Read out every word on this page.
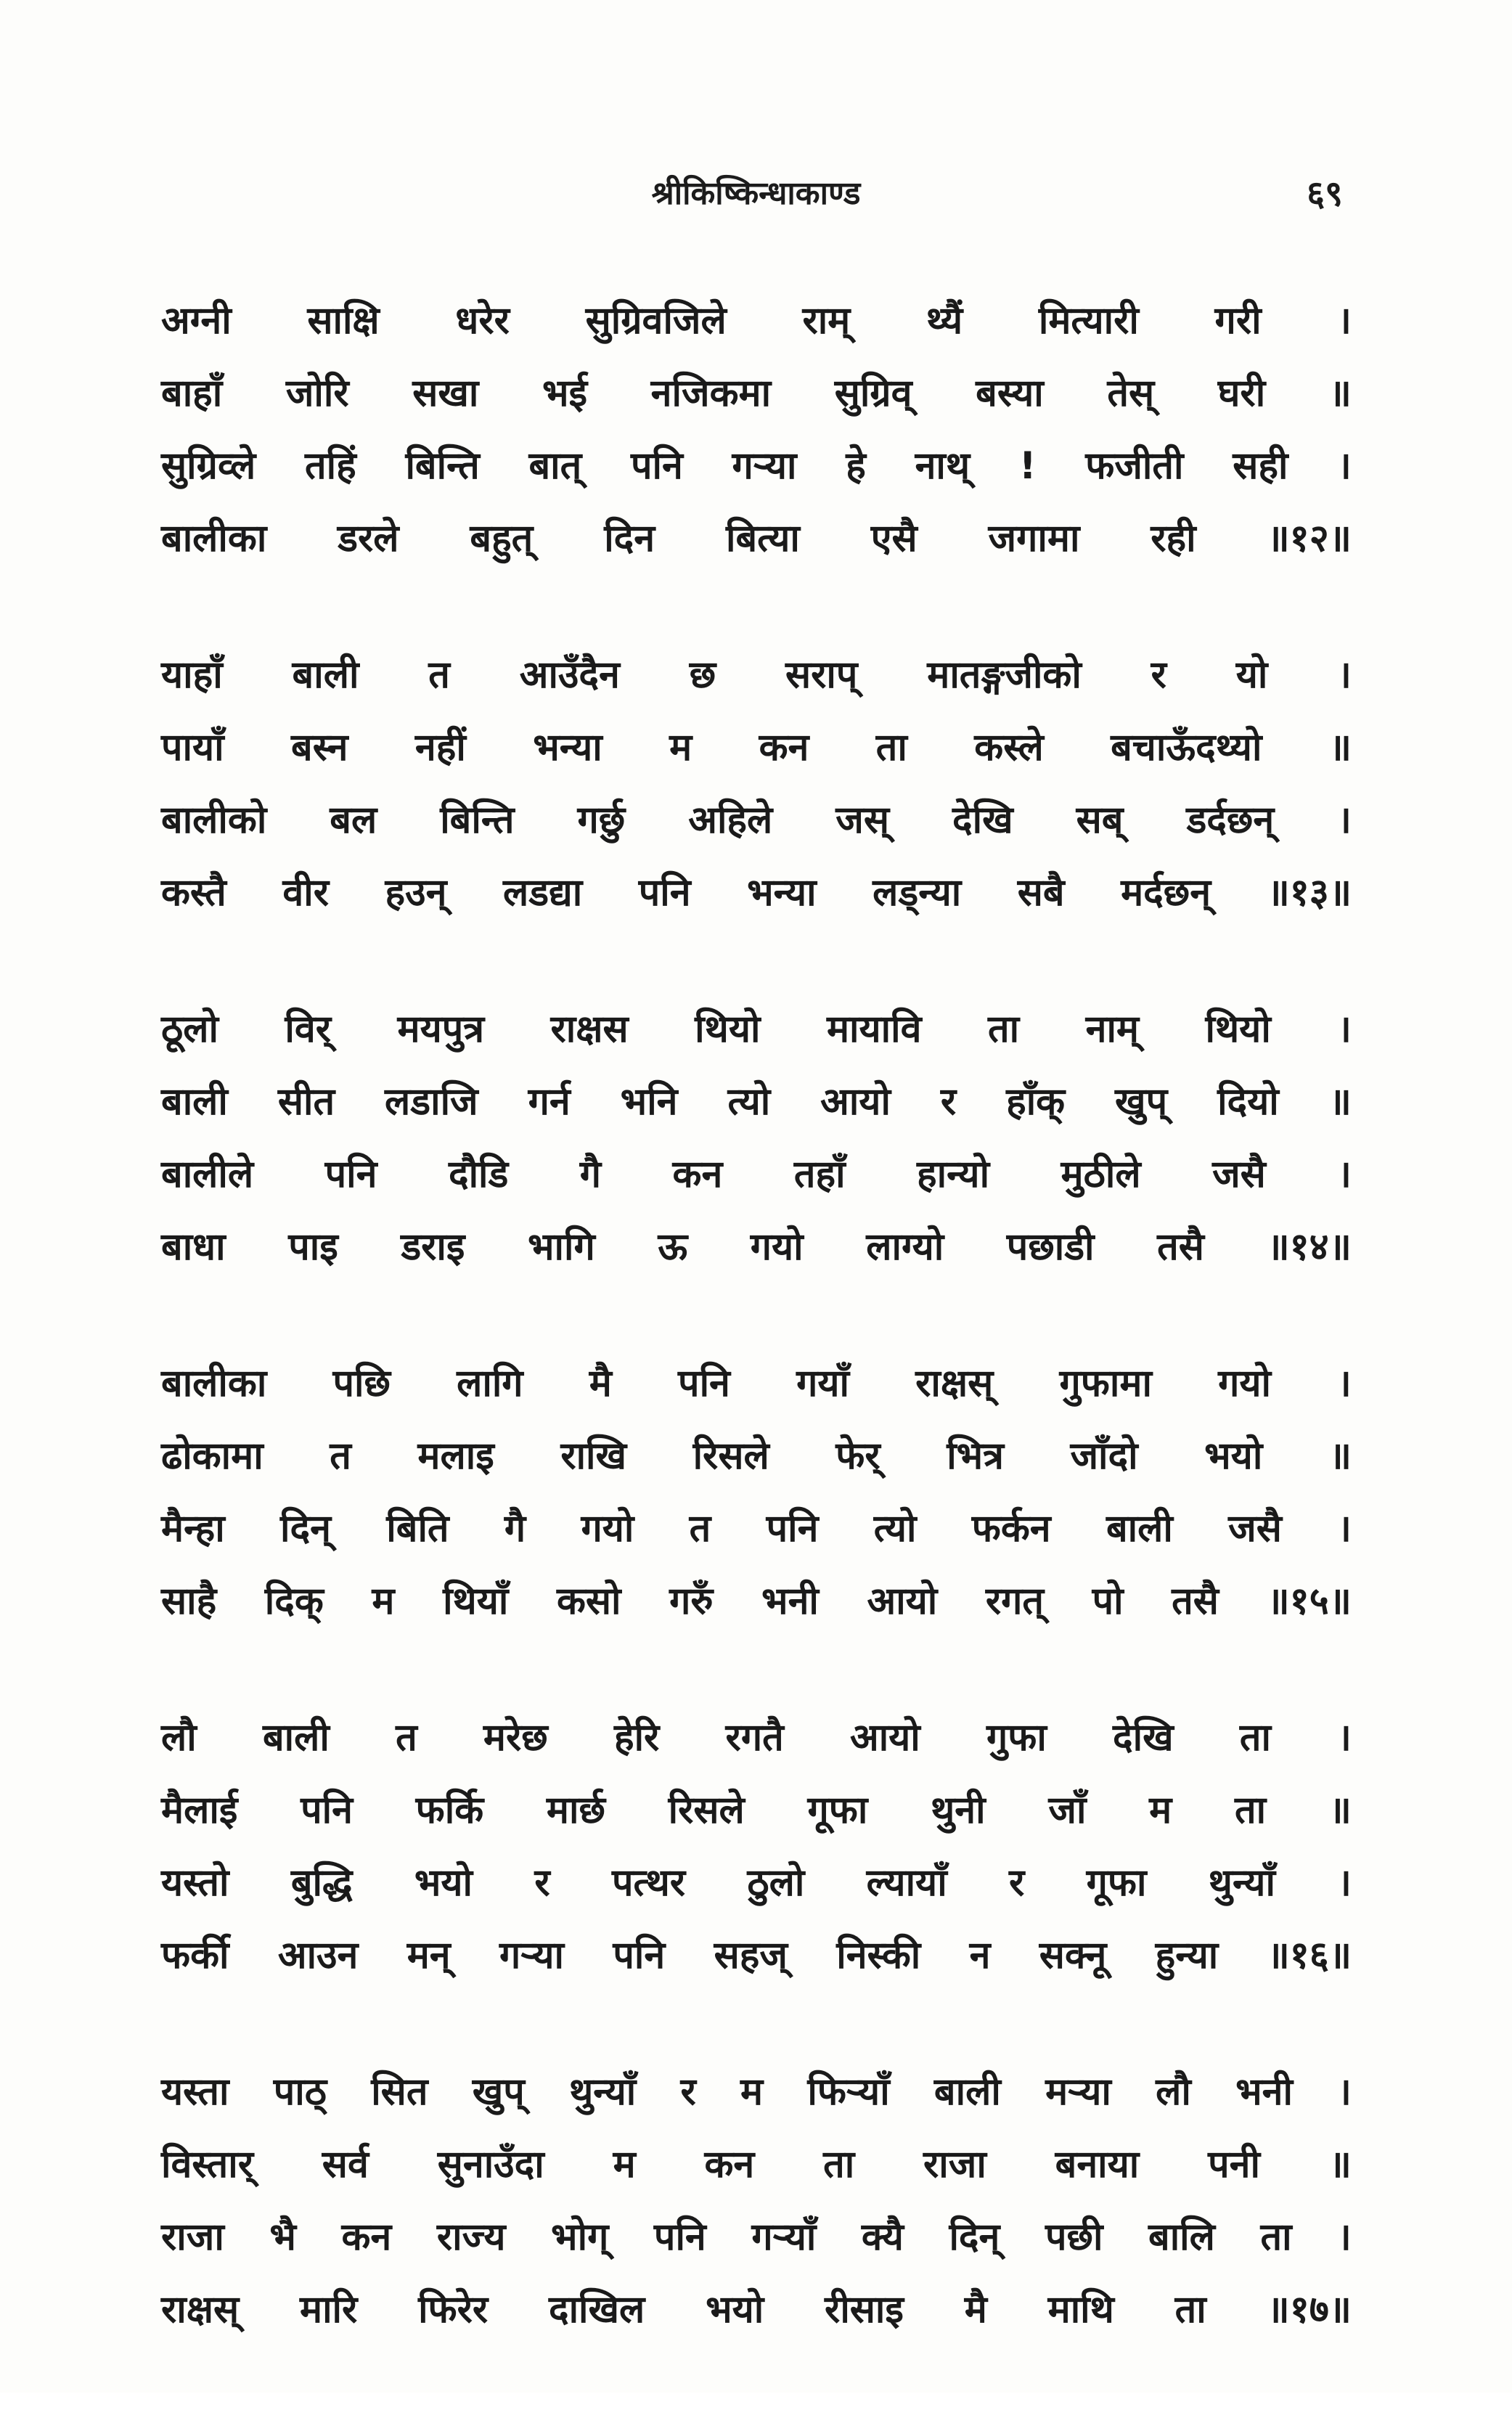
श्रीकिष्किन्धाकाण्ड	६९
अग्नी साक्षि धरेर सुग्रिवजिले राम् थ्यैं मित्यारी गरी ।
बाहाँ जोरि सखा भई नजिकमा सुग्रिव् बस्या तेस् घरी ॥
सुग्रिव्ले तहिं बिन्ति बात् पनि गर्‍या हे नाथ् ! फजीती सही ।
बालीका डरले बहुत् दिन बित्या एसै जगामा रही ॥१२॥
याहाँ बाली त आउँदैन छ सराप् मातङ्गजीको र यो ।
पायाँ बस्न नहीं भन्या म कन ता कस्ले बचाऊँदथ्यो ॥
बालीको बल बिन्ति गर्छु अहिले जस् देखि सब् डर्दछन् ।
कस्तै वीर हउन् लडद्या पनि भन्या लड्न्या सबै मर्दछन् ॥१३॥
ठूलो विर् मयपुत्र राक्षस थियो मायावि ता नाम् थियो ।
बाली सीत लडाजि गर्न भनि त्यो आयो र हाँक् खुप् दियो ॥
बालीले पनि दौडि गै कन तहाँ हान्यो मुठीले जसै ।
बाधा पाइ डराइ भागि ऊ गयो लाग्यो पछाडी तसै ॥१४॥
बालीका पछि लागि मै पनि गयाँ राक्षस् गुफामा गयो ।
ढोकामा त मलाइ राखि रिसले फेर् भित्र जाँदो भयो ॥
मैन्हा दिन् बिति गै गयो त पनि त्यो फर्कन बाली जसै ।
साहै दिक् म थियाँ कसो गरुँ भनी आयो रगत् पो तसै ॥१५॥
लौ बाली त मरेछ हेरि रगतै आयो गुफा देखि ता ।
मैलाई पनि फर्कि मार्छ रिसले गूफा थुनी जाँ म ता ॥
यस्तो बुद्धि भयो र पत्थर ठुलो ल्यायाँ र गूफा थुन्याँ ।
फर्की आउन मन् गर्‍या पनि सहज् निस्की न सक्नू हुन्या ॥१६॥
यस्ता पाठ् सित खुप् थुन्याँ र म फिर्‍याँ बाली मर्‍या लौ भनी ।
विस्तार् सर्व सुनाउँदा म कन ता राजा बनाया पनी ॥
राजा भै कन राज्य भोग् पनि गर्‍याँ क्यै दिन् पछी बालि ता ।
राक्षस् मारि फिरेर दाखिल भयो रीसाइ मै माथि ता ॥१७॥
